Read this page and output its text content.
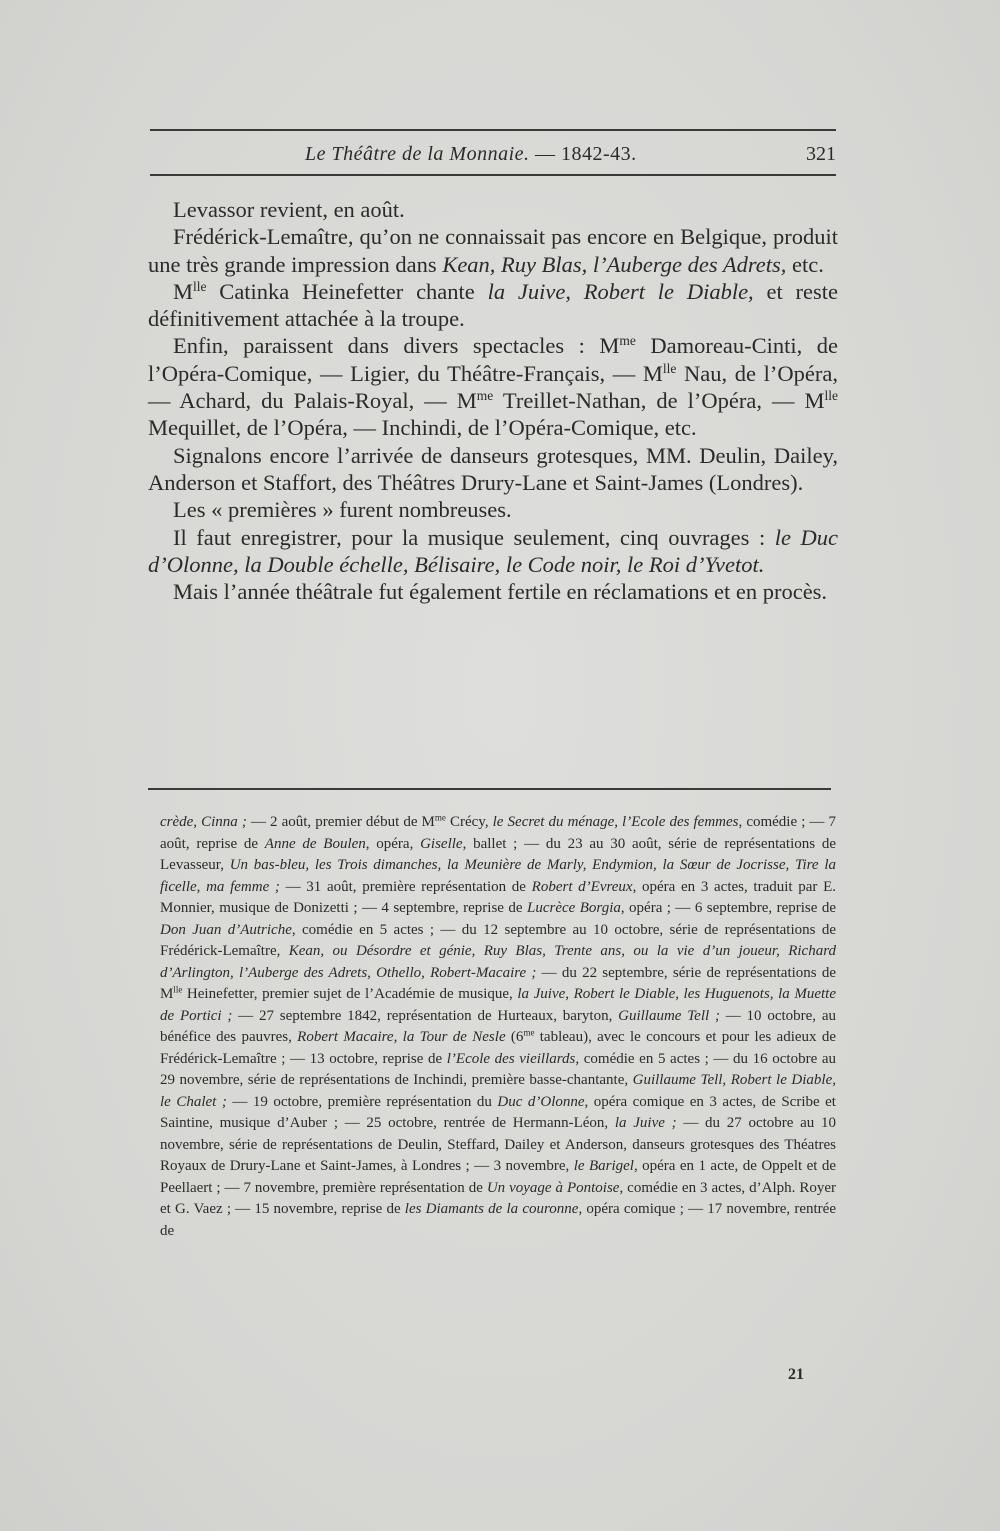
Le Théâtre de la Monnaie. — 1842-43.	321

Levassor revient, en août.

Frédérick-Lemaître, qu’on ne connaissait pas encore en Belgique, produit une très grande impression dans Kean, Ruy Blas, l’Auberge des Adrets, etc.

$M^{lle}$ Catinka Heinefetter chante la Juive, Robert le Diable, et reste définitivement attachée à la troupe.

Enfin, paraissent dans divers spectacles : $M^{me}$ Damoreau-Cinti, de l’Opéra-Comique, — Ligier, du Théâtre-Français, — $M^{lle}$ Nau, de l’Opéra, — Achard, du Palais-Royal, — $M^{me}$ Treillet-Nathan, de l’Opéra, — $M^{lle}$ Mequillet, de l’Opéra, — Inchindi, de l’Opéra-Comique, etc.

Signalons encore l’arrivée de danseurs grotesques, MM. Deulin, Dailey, Anderson et Staffort, des Théâtres Drury-Lane et Saint-James (Londres).

Les « premières » furent nombreuses.

Il faut enregistrer, pour la musique seulement, cinq ouvrages : le Duc d’Olonne, la Double échelle, Bélisaire, le Code noir, le Roi d’Yvetot.

Mais l’année théâtrale fut également fertile en réclamations et en procès.

crède, Cinna ; — 2 août, premier début de $M^{me}$ Crécy, le Secret du ménage, l’Ecole des femmes, comédie ; — 7 août, reprise de Anne de Boulen, opéra, Giselle, ballet ; — du 23 au 30 août, série de représentations de Levasseur, Un bas-bleu, les Trois dimanches, la Meunière de Marly, Endymion, la Sœur de Jocrisse, Tire la ficelle, ma femme ; — 31 août, première représentation de Robert d’Evreux, opéra en 3 actes, traduit par E. Monnier, musique de Donizetti ; — 4 septembre, reprise de Lucrèce Borgia, opéra ; — 6 septembre, reprise de Don Juan d’Autriche, comédie en 5 actes ; — du 12 septembre au 10 octobre, série de représentations de Frédérick-Lemaître, Kean, ou Désordre et génie, Ruy Blas, Trente ans, ou la vie d’un joueur, Richard d’Arlington, l’Auberge des Adrets, Othello, Robert-Macaire ; — du 22 septembre, série de représentations de $M^{lle}$ Heinefetter, premier sujet de l’Académie de musique, la Juive, Robert le Diable, les Huguenots, la Muette de Portici ; — 27 septembre 1842, représentation de Hurteaux, baryton, Guillaume Tell ; — 10 octobre, au bénéfice des pauvres, Robert Macaire, la Tour de Nesle ($6^{me}$ tableau), avec le concours et pour les adieux de Frédérick-Lemaître ; — 13 octobre, reprise de l’Ecole des vieillards, comédie en 5 actes ; — du 16 octobre au 29 novembre, série de représentations de Inchindi, première basse-chantante, Guillaume Tell, Robert le Diable, le Chalet ; — 19 octobre, première représentation du Duc d’Olonne, opéra comique en 3 actes, de Scribe et Saintine, musique d’Auber ; — 25 octobre, rentrée de Hermann-Léon, la Juive ; — du 27 octobre au 10 novembre, série de représentations de Deulin, Steffard, Dailey et Anderson, danseurs grotesques des Théatres Royaux de Drury-Lane et Saint-James, à Londres ; — 3 novembre, le Barigel, opéra en 1 acte, de Oppelt et de Peellaert ; — 7 novembre, première représentation de Un voyage à Pontoise, comédie en 3 actes, d’Alph. Royer et G. Vaez ; — 15 novembre, reprise de les Diamants de la couronne, opéra comique ; — 17 novembre, rentrée de

21
